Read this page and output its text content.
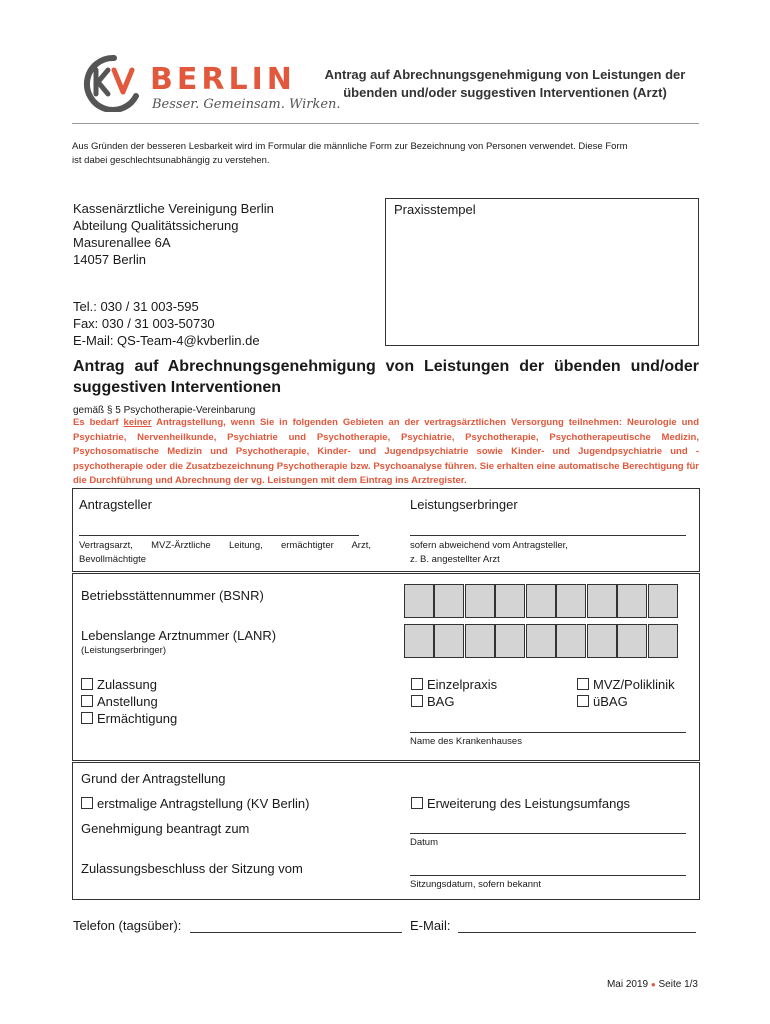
BERLIN
Besser. Gemeinsam. Wirken.
Antrag auf Abrechnungsgenehmigung von Leistungen der
übenden und/oder suggestiven Interventionen (Arzt)
Aus Gründen der besseren Lesbarkeit wird im Formular die männliche Form zur Bezeichnung von Personen verwendet. Diese Form
ist dabei geschlechtsunabhängig zu verstehen.
Kassenärztliche Vereinigung Berlin
Abteilung Qualitätssicherung
Masurenallee 6A
14057 Berlin
Tel.: 030 / 31 003-595
Fax: 030 / 31 003-50730
E-Mail: QS-Team-4@kvberlin.de
Praxisstempel
Antrag auf Abrechnungsgenehmigung von Leistungen der übenden und/oder
suggestiven Interventionen
gemäß § 5 Psychotherapie-Vereinbarung
Es bedarf keiner Antragstellung, wenn Sie in folgenden Gebieten an der vertragsärztlichen Versorgung teilnehmen: Neurologie und Psychiatrie, Nervenheilkunde, Psychiatrie und Psychotherapie, Psychiatrie, Psychotherapie, Psychotherapeutische Medizin, Psychosomatische Medizin und Psychotherapie, Kinder- und Jugendpsychiatrie sowie Kinder- und Jugendpsychiatrie und -psychotherapie oder die Zusatzbezeichnung Psychotherapie bzw. Psychoanalyse führen. Sie erhalten eine automatische Berechtigung für die Durchführung und Abrechnung der vg. Leistungen mit dem Eintrag ins Arztregister.
Antragsteller
Vertragsarzt, MVZ-Ärztliche Leitung, ermächtigter Arzt, Bevollmächtigte
Leistungserbringer
sofern abweichend vom Antragsteller,
z. B. angestellter Arzt
Betriebsstättennummer (BSNR)
Lebenslange Arztnummer (LANR)
(Leistungserbringer)
Zulassung
Anstellung
Ermächtigung
Einzelpraxis
BAG
MVZ/Poliklinik
üBAG
Name des Krankenhauses
Grund der Antragstellung
erstmalige Antragstellung (KV Berlin)	Erweiterung des Leistungsumfangs
Genehmigung beantragt zum
Datum
Zulassungsbeschluss der Sitzung vom
Sitzungsdatum, sofern bekannt
Telefon (tagsüber):	E-Mail:
Mai 2019 ● Seite 1/3
